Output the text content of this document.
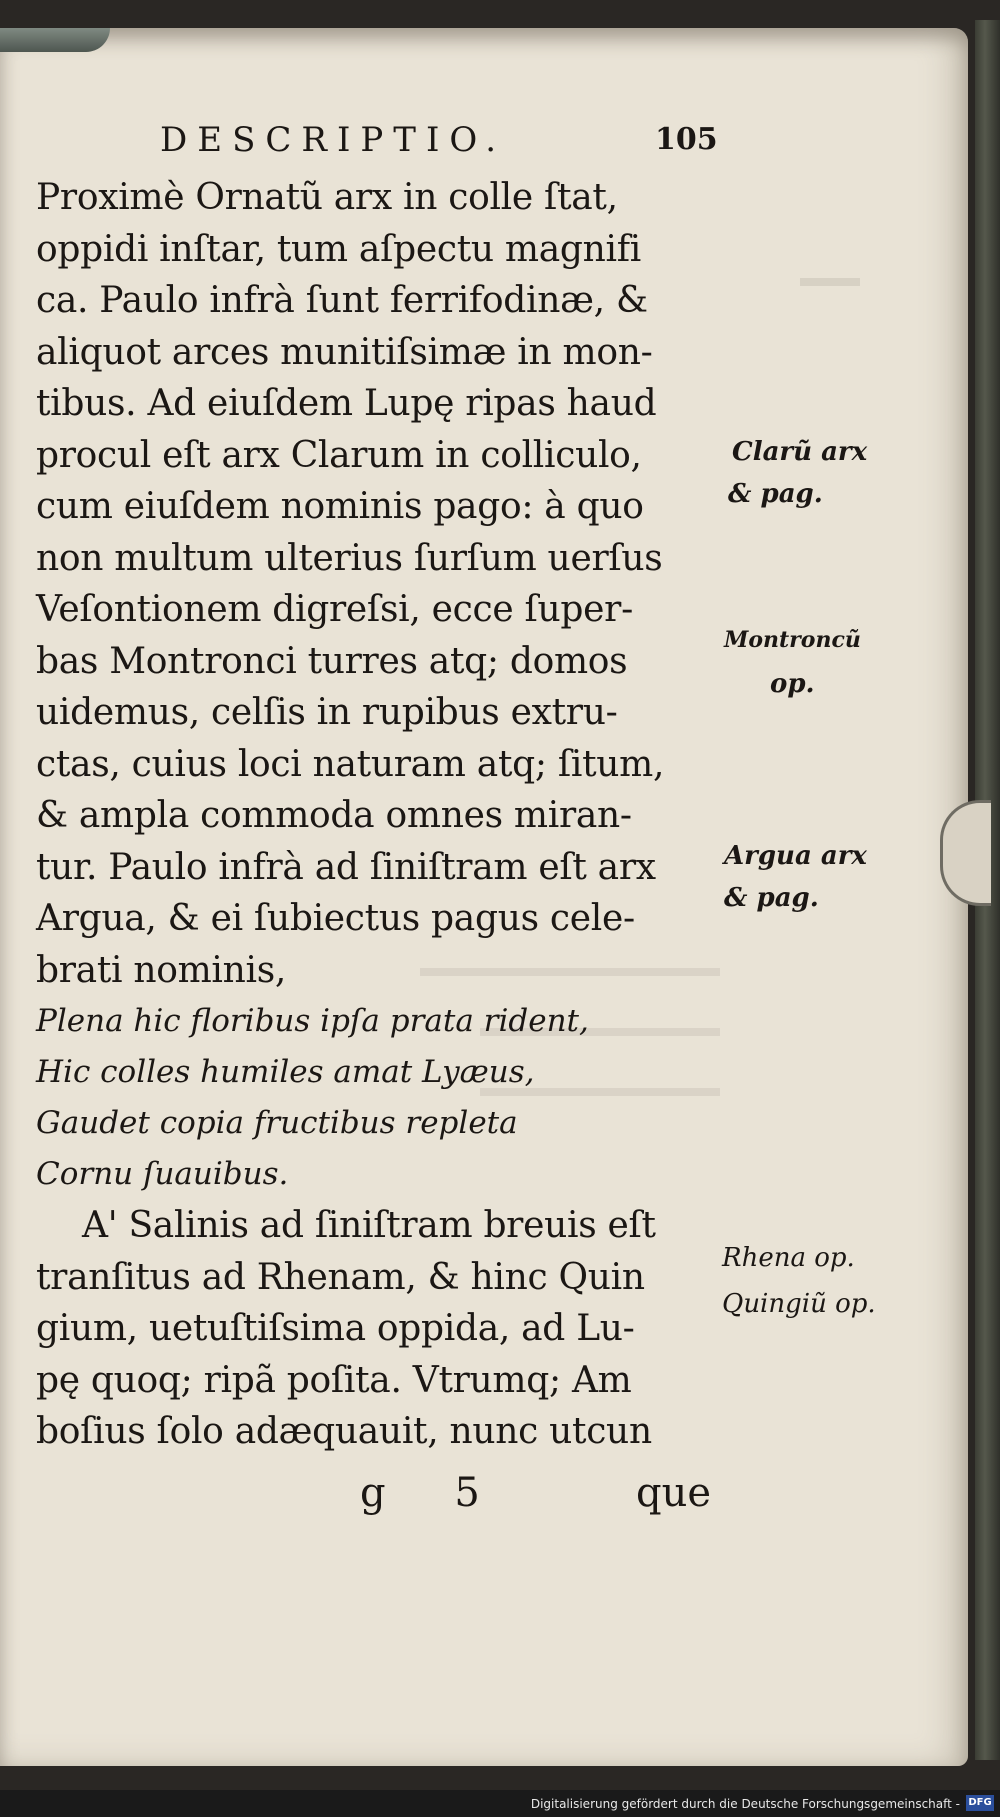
DESCRIPTIO.	105
Proximè Ornatũ arx in colle ſtat,
oppidi inſtar, tum aſpectu magnifi
ca. Paulo infrà ſunt ferrifodinæ, &
aliquot arces munitiſsimæ in mon-
tibus. Ad eiuſdem Lupę ripas haud
procul eſt arx Clarum in colliculo,
cum eiuſdem nominis pago: à quo
non multum ulterius ſurſum uerſus
Veſontionem digreſsi, ecce ſuper-
bas Montronci turres atq; domos
uidemus, celſis in rupibus extru-
ctas, cuius loci naturam atq; ſitum,
& ampla commoda omnes miran-
tur. Paulo infrà ad ſiniſtram eſt arx
Argua, & ei ſubiectus pagus cele-
brati nominis,
Plena hic floribus ipſa prata rident,
Hic colles humiles amat Lyæus,
Gaudet copia fructibus repleta
Cornu ſuauibus.
A' Salinis ad ſiniſtram breuis eſt
tranſitus ad Rhenam, & hinc Quin
gium, uetuſtiſsima oppida, ad Lu-
pę quoq; ripã poſita. Vtrumq; Am
boſius ſolo adæquauit, nunc utcun
g 5	que
Clarũ arx
& pag.
Montroncũ
op.
Argua arx
& pag.
Rhena op.
Quingiũ op.
Digitalisierung gefördert durch die Deutsche Forschungsgemeinschaft - DFG
